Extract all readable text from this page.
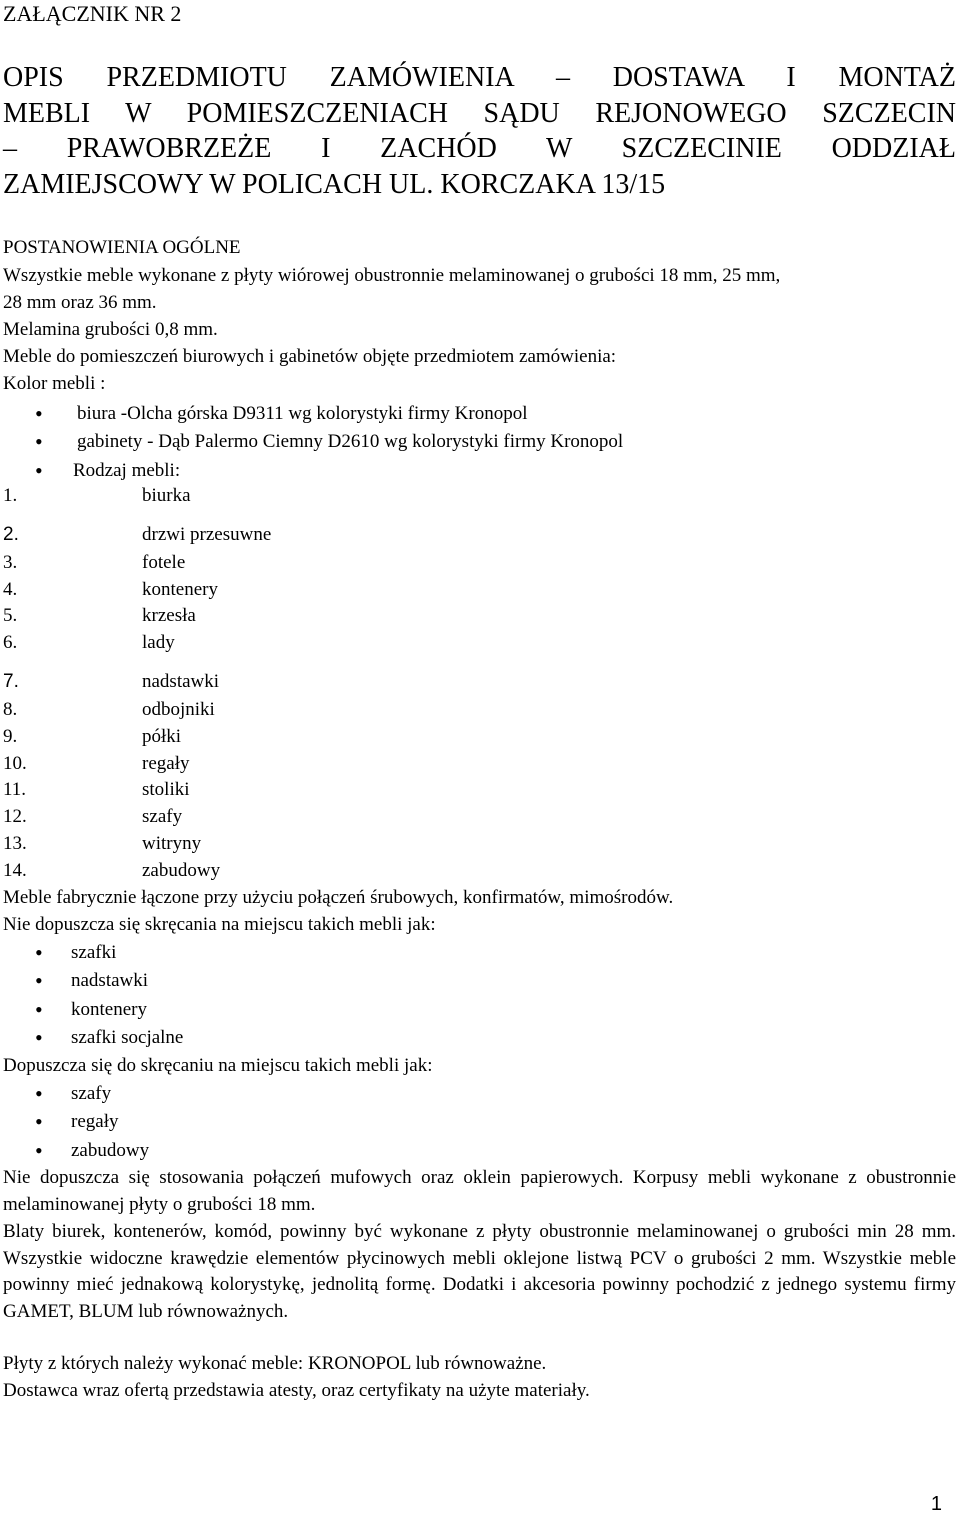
ZAŁĄCZNIK NR 2

OPIS PRZEDMIOTU ZAMÓWIENIA – DOSTAWA I MONTAŻ
MEBLI W POMIESZCZENIACH SĄDU REJONOWEGO SZCZECIN
– PRAWOBRZEŻE I ZACHÓD W SZCZECINIE ODDZIAŁ
ZAMIEJSCOWY W POLICACH UL. KORCZAKA 13/15

POSTANOWIENIA OGÓLNE

Wszystkie meble wykonane z płyty wiórowej obustronnie melaminowanej o grubości 18 mm, 25 mm,

28 mm oraz 36 mm.

Melamina grubości 0,8 mm.

Meble do pomieszczeń biurowych i gabinetów objęte przedmiotem zamówienia:

Kolor mebli :

• biura -Olcha górska D9311 wg kolorystyki firmy Kronopol
• gabinety - Dąb Palermo Ciemny D2610 wg kolorystyki firmy Kronopol
• Rodzaj mebli:
1.	biurka
2.	drzwi przesuwne
3.	fotele
4.	kontenery
5.	krzesła
6.	lady
7.	nadstawki
8.	odbojniki
9.	półki
10.	regały
11.	stoliki
12.	szafy
13.	witryny
14.	zabudowy

Meble fabrycznie łączone przy użyciu połączeń śrubowych, konfirmatów, mimośrodów.

Nie dopuszcza się skręcania na miejscu takich mebli jak:

• szafki
• nadstawki
• kontenery
• szafki socjalne

Dopuszcza się do skręcaniu na miejscu takich mebli jak:

• szafy
• regały
• zabudowy

Nie dopuszcza się stosowania połączeń mufowych oraz oklein papierowych. Korpusy mebli wykonane z obustronnie melaminowanej płyty o grubości 18 mm.

Blaty biurek, kontenerów, komód, powinny być wykonane z płyty obustronnie melaminowanej o grubości min 28 mm. Wszystkie widoczne krawędzie elementów płycinowych mebli oklejone listwą PCV o grubości 2 mm. Wszystkie meble powinny mieć jednakową kolorystykę, jednolitą formę. Dodatki i akcesoria powinny pochodzić z jednego systemu firmy GAMET, BLUM lub równoważnych.

Płyty z których należy wykonać meble: KRONOPOL lub równoważne.

Dostawca wraz ofertą przedstawia atesty, oraz certyfikaty na użyte materiały.

1
